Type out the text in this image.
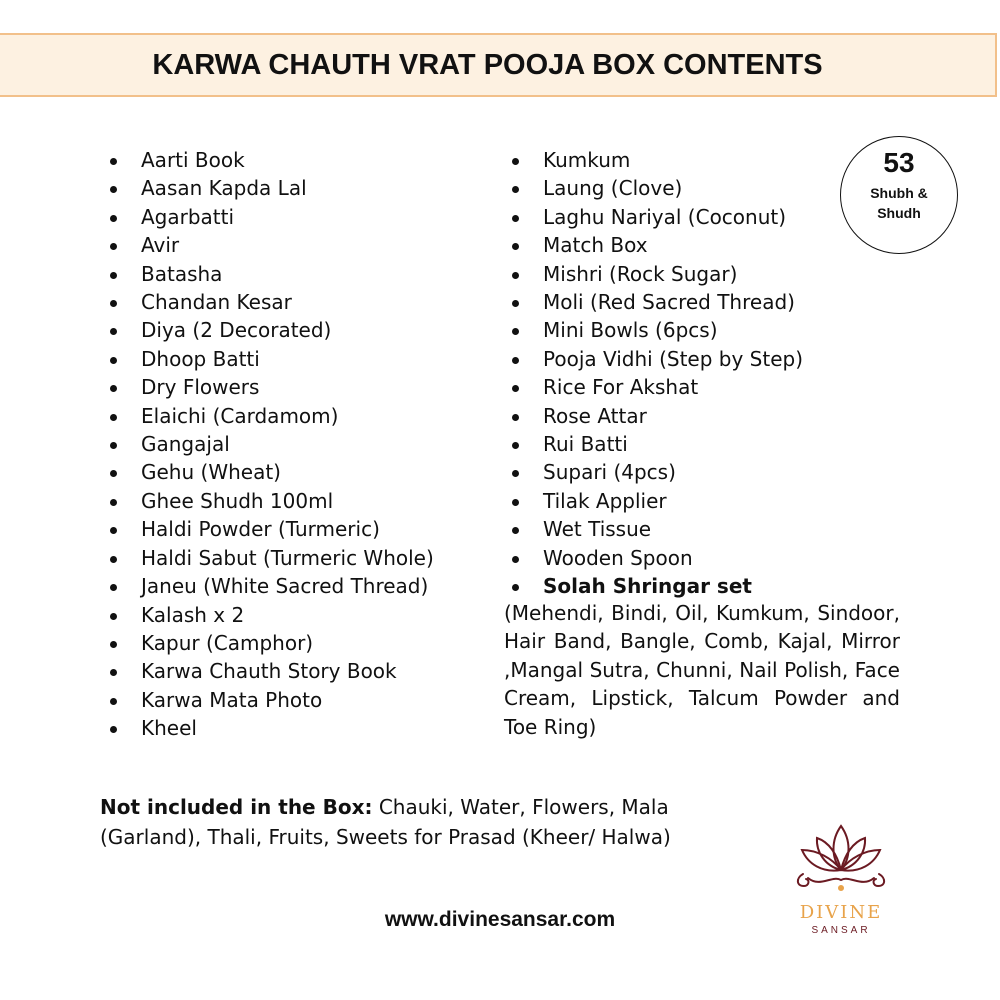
KARWA CHAUTH VRAT POOJA BOX CONTENTS
Aarti Book
Aasan Kapda Lal
Agarbatti
Avir
Batasha
Chandan Kesar
Diya (2 Decorated)
Dhoop Batti
Dry Flowers
Elaichi (Cardamom)
Gangajal
Gehu (Wheat)
Ghee Shudh 100ml
Haldi Powder (Turmeric)
Haldi Sabut (Turmeric Whole)
Janeu (White Sacred Thread)
Kalash x 2
Kapur (Camphor)
Karwa Chauth Story Book
Karwa Mata Photo
Kheel
Kumkum
Laung (Clove)
Laghu Nariyal (Coconut)
Match Box
Mishri (Rock Sugar)
Moli (Red Sacred Thread)
Mini Bowls (6pcs)
Pooja Vidhi (Step by Step)
Rice For Akshat
Rose Attar
Rui Batti
Supari (4pcs)
Tilak Applier
Wet Tissue
Wooden Spoon
Solah Shringar set
(Mehendi, Bindi, Oil, Kumkum, Sindoor, Hair Band, Bangle, Comb, Kajal, Mirror ,Mangal Sutra, Chunni, Nail Polish, Face Cream, Lipstick, Talcum Powder and Toe Ring)
53
Shubh & Shudh
Not included in the Box: Chauki, Water, Flowers, Mala (Garland), Thali, Fruits, Sweets for Prasad (Kheer/ Halwa)
www.divinesansar.com	DIVINE
SANSAR
